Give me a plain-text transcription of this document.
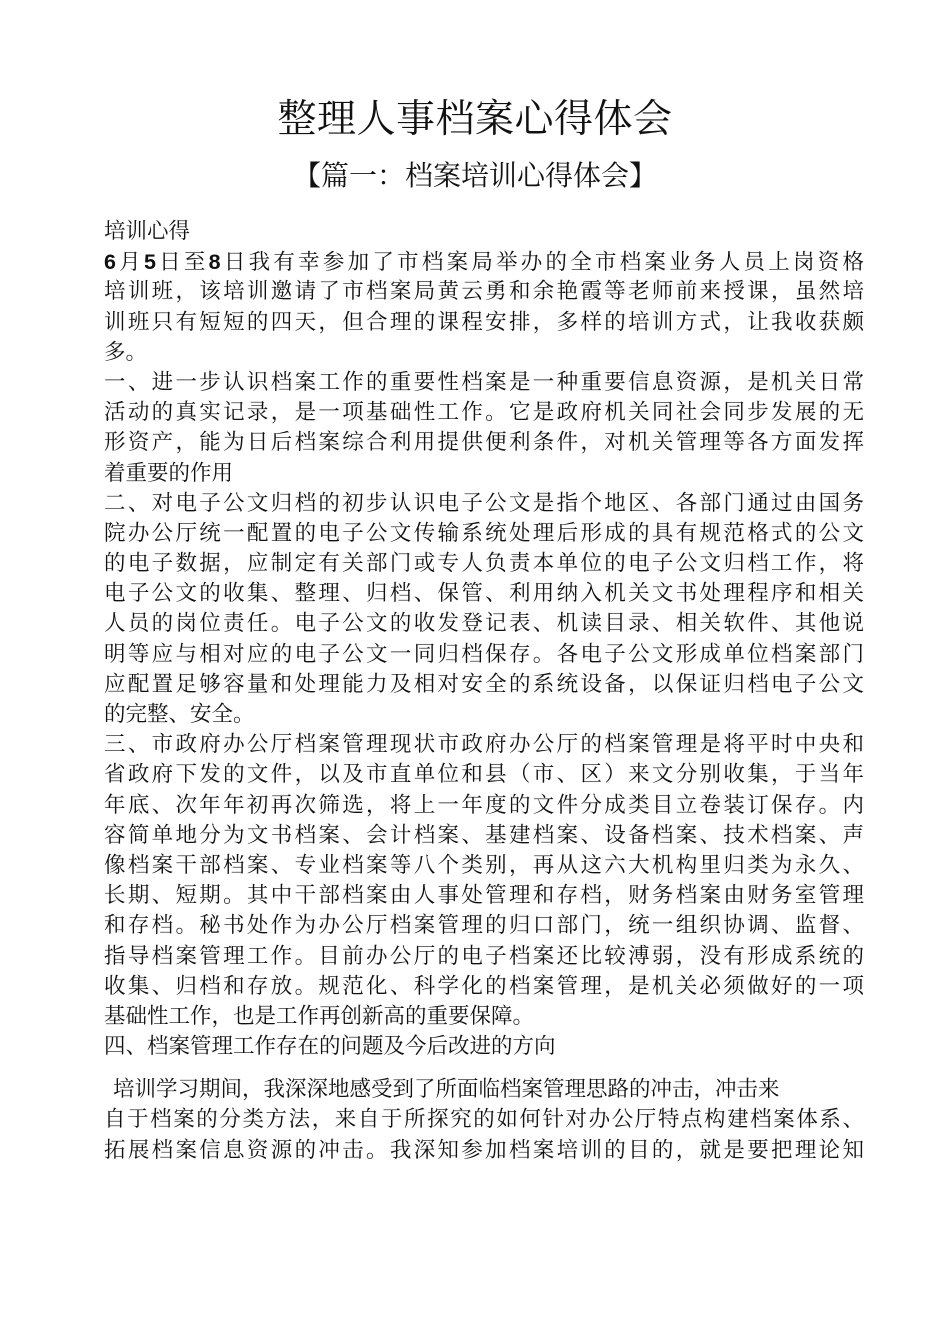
整理人事档案心得体会
【篇一：档案培训心得体会】
培训心得
6月5日至8日我有幸参加了市档案局举办的全市档案业务人员上岗资格
培训班，该培训邀请了市档案局黄云勇和余艳霞等老师前来授课，虽然培
训班只有短短的四天，但合理的课程安排，多样的培训方式，让我收获颇
多。
一、进一步认识档案工作的重要性档案是一种重要信息资源，是机关日常
活动的真实记录，是一项基础性工作。它是政府机关同社会同步发展的无
形资产，能为日后档案综合利用提供便利条件，对机关管理等各方面发挥
着重要的作用
二、对电子公文归档的初步认识电子公文是指个地区、各部门通过由国务
院办公厅统一配置的电子公文传输系统处理后形成的具有规范格式的公文
的电子数据，应制定有关部门或专人负责本单位的电子公文归档工作，将
电子公文的收集、整理、归档、保管、利用纳入机关文书处理程序和相关
人员的岗位责任。电子公文的收发登记表、机读目录、相关软件、其他说
明等应与相对应的电子公文一同归档保存。各电子公文形成单位档案部门
应配置足够容量和处理能力及相对安全的系统设备，以保证归档电子公文
的完整、安全。
三、市政府办公厅档案管理现状市政府办公厅的档案管理是将平时中央和
省政府下发的文件，以及市直单位和县（市、区）来文分别收集，于当年
年底、次年年初再次筛选，将上一年度的文件分成类目立卷装订保存。内
容简单地分为文书档案、会计档案、基建档案、设备档案、技术档案、声
像档案干部档案、专业档案等八个类别，再从这六大机构里归类为永久、
长期、短期。其中干部档案由人事处管理和存档，财务档案由财务室管理
和存档。秘书处作为办公厅档案管理的归口部门，统一组织协调、监督、
指导档案管理工作。目前办公厅的电子档案还比较溥弱，没有形成系统的
收集、归档和存放。规范化、科学化的档案管理，是机关必须做好的一项
基础性工作，也是工作再创新高的重要保障。
四、档案管理工作存在的问题及今后改进的方向
培训学习期间，我深深地感受到了所面临档案管理思路的冲击，冲击来
自于档案的分类方法，来自于所探究的如何针对办公厅特点构建档案体系、
拓展档案信息资源的冲击。我深知参加档案培训的目的，就是要把理论知
